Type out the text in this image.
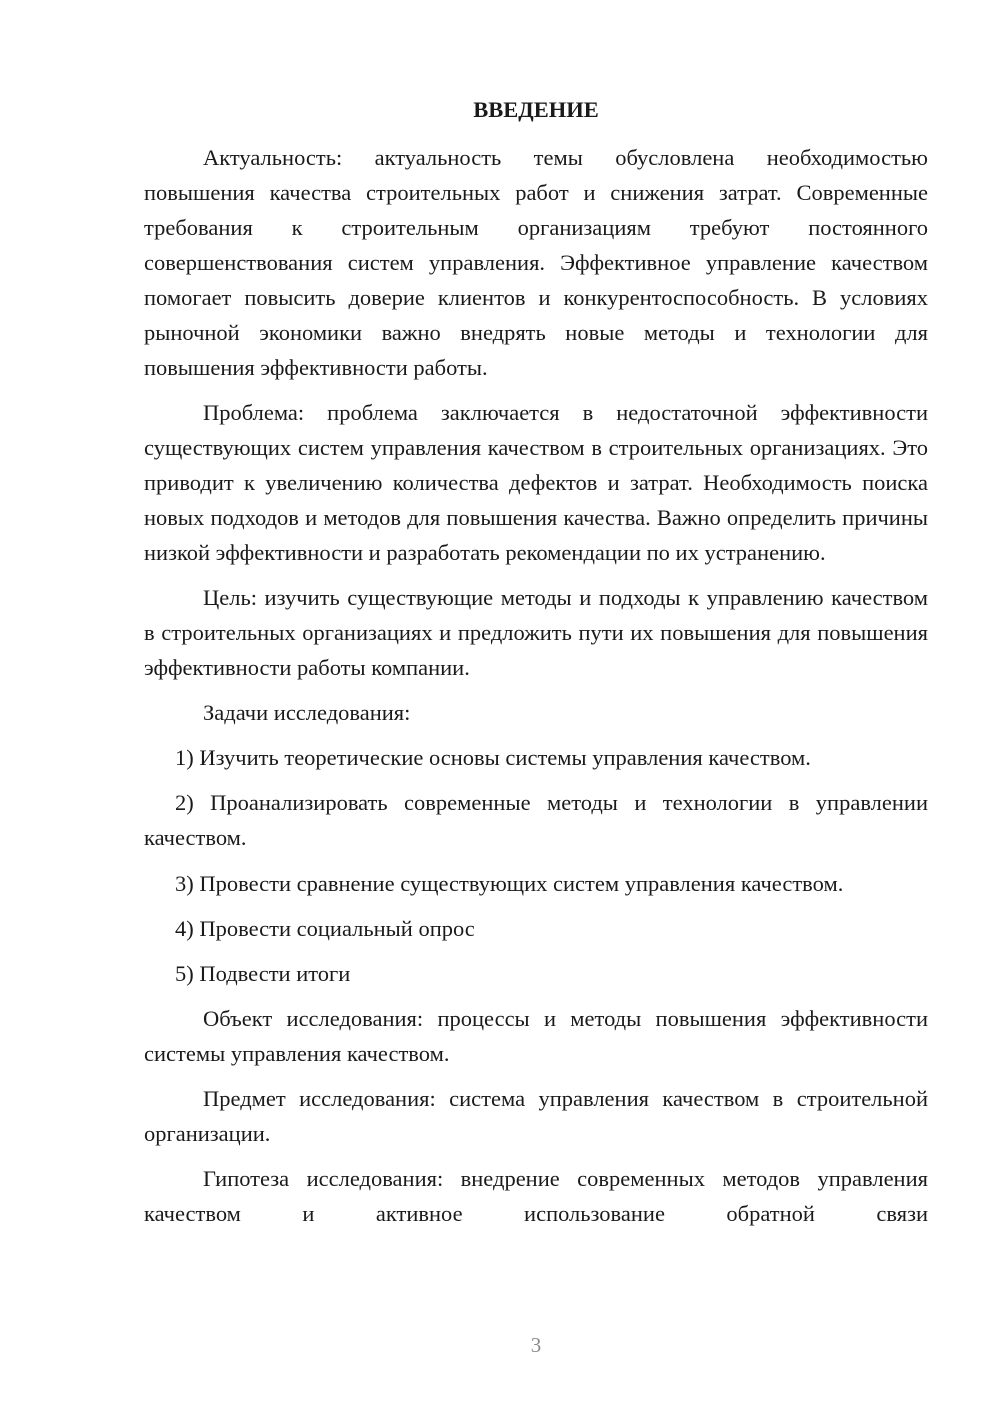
ВВЕДЕНИЕ

Актуальность: актуальность темы обусловлена необходимостью повышения качества строительных работ и снижения затрат. Современные требования к строительным организациям требуют постоянного совершенствования систем управления. Эффективное управление качеством помогает повысить доверие клиентов и конкурентоспособность. В условиях рыночной экономики важно внедрять новые методы и технологии для повышения эффективности работы.

Проблема: проблема заключается в недостаточной эффективности существующих систем управления качеством в строительных организациях. Это приводит к увеличению количества дефектов и затрат. Необходимость поиска новых подходов и методов для повышения качества. Важно определить причины низкой эффективности и разработать рекомендации по их устранению.

Цель: изучить существующие методы и подходы к управлению качеством в строительных организациях и предложить пути их повышения для повышения эффективности работы компании.

Задачи исследования:

1) Изучить теоретические основы системы управления качеством.

2) Проанализировать современные методы и технологии в управлении качеством.

3) Провести сравнение существующих систем управления качеством.

4) Провести социальный опрос

5) Подвести итоги

Объект исследования: процессы и методы повышения эффективности системы управления качеством.

Предмет исследования: система управления качеством в строительной организации.

Гипотеза исследования: внедрение современных методов управления качеством и активное использование обратной связи

3
